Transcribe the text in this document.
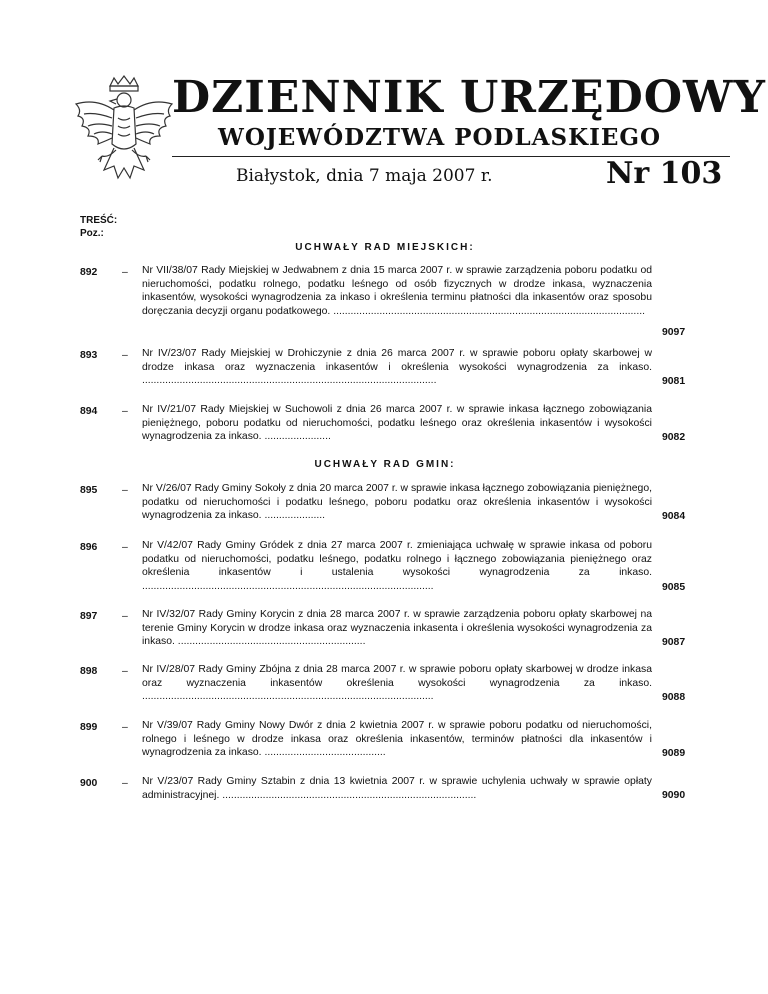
DZIENNIK URZĘDOWY
WOJEWÓDZTWA PODLASKIEGO
Białystok, dnia 7 maja 2007 r.	Nr 103
TREŚĆ:
Poz.:
UCHWAŁY RAD MIEJSKICH:
892	– Nr VII/38/07 Rady Miejskiej w Jedwabnem z dnia 15 marca 2007 r. w sprawie zarządzenia poboru podatku od nieruchomości, podatku rolnego, podatku leśnego od osób fizycznych w drodze inkasa, wyznaczenia inkasentów, wysokości wynagrodzenia za inkaso i określenia terminu płatności dla inkasentów oraz sposobu doręczania decyzji organu podatkowego. ............................................................................................................
9097
893	– Nr IV/23/07 Rady Miejskiej w Drohiczynie z dnia 26 marca 2007 r. w sprawie poboru opłaty skarbowej w drodze inkasa oraz wyznaczenia inkasentów i określenia wysokości wynagrodzenia za inkaso. ......................................................................................................	9081
894	– Nr IV/21/07 Rady Miejskiej w Suchowoli z dnia 26 marca 2007 r. w sprawie inkasa łącznego zobowiązania pieniężnego, poboru podatku od nieruchomości, podatku leśnego oraz określenia inkasentów i wysokości wynagrodzenia za inkaso. .......................	9082
UCHWAŁY RAD GMIN:
895	– Nr V/26/07 Rady Gminy Sokoły z dnia 20 marca 2007 r. w sprawie inkasa łącznego zobowiązania pieniężnego, podatku od nieruchomości i podatku leśnego, poboru podatku oraz określenia inkasentów i wysokości wynagrodzenia za inkaso. .....................	9084
896	– Nr V/42/07 Rady Gminy Gródek z dnia 27 marca 2007 r. zmieniająca uchwałę w sprawie inkasa od poboru podatku od nieruchomości, podatku leśnego, podatku rolnego i łącznego zobowiązania pieniężnego oraz określenia inkasentów i ustalenia wysokości wynagrodzenia za inkaso. .....................................................................................................	9085
897	– Nr IV/32/07 Rady Gminy Korycin z dnia 28 marca 2007 r. w sprawie zarządzenia poboru opłaty skarbowej na terenie Gminy Korycin w drodze inkasa oraz wyznaczenia inkasenta i określenia wysokości wynagrodzenia za inkaso. .................................................................	9087
898	– Nr IV/28/07 Rady Gminy Zbójna z dnia 28 marca 2007 r. w sprawie poboru opłaty skarbowej w drodze inkasa oraz wyznaczenia inkasentów określenia wysokości wynagrodzenia za inkaso. .....................................................................................................	9088
899	– Nr V/39/07 Rady Gminy Nowy Dwór z dnia 2 kwietnia 2007 r. w sprawie poboru podatku od nieruchomości, rolnego i leśnego w drodze inkasa oraz określenia inkasentów, terminów płatności dla inkasentów i wynagrodzenia za inkaso. ..........................................	9089
900	– Nr V/23/07 Rady Gminy Sztabin z dnia 13 kwietnia 2007 r. w sprawie uchylenia uchwały w sprawie opłaty administracyjnej. ........................................................................................	9090
